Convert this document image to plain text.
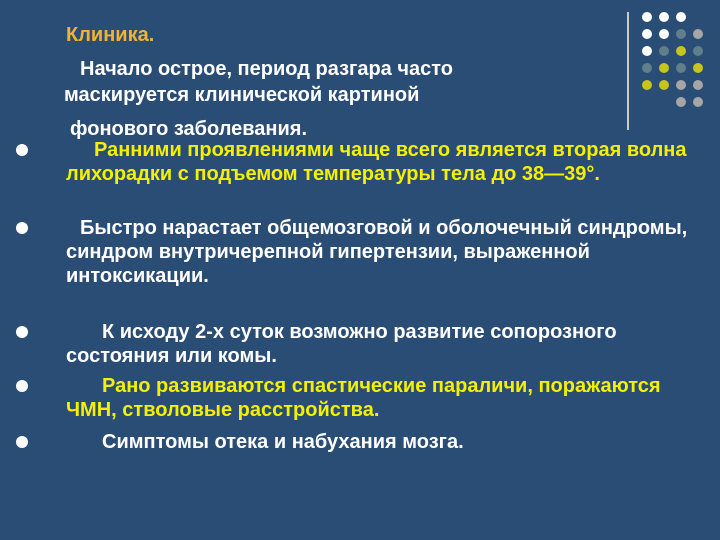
Клиника.
Начало острое, период разгара часто
маскируется клинической картиной
фонового заболевания.
Ранними проявлениями чаще всего является вторая волна лихорадки с подъемом температуры тела до 38—39°.
Быстро нарастает общемозговой и оболочечный синдромы, синдром внутричерепной гипертензии, выраженной интоксикации.
К исходу 2-х суток возможно развитие сопорозного состояния или комы.
Рано развиваются спастические параличи, поражаются ЧМН, стволовые расстройства.
Симптомы отека и набухания мозга.
